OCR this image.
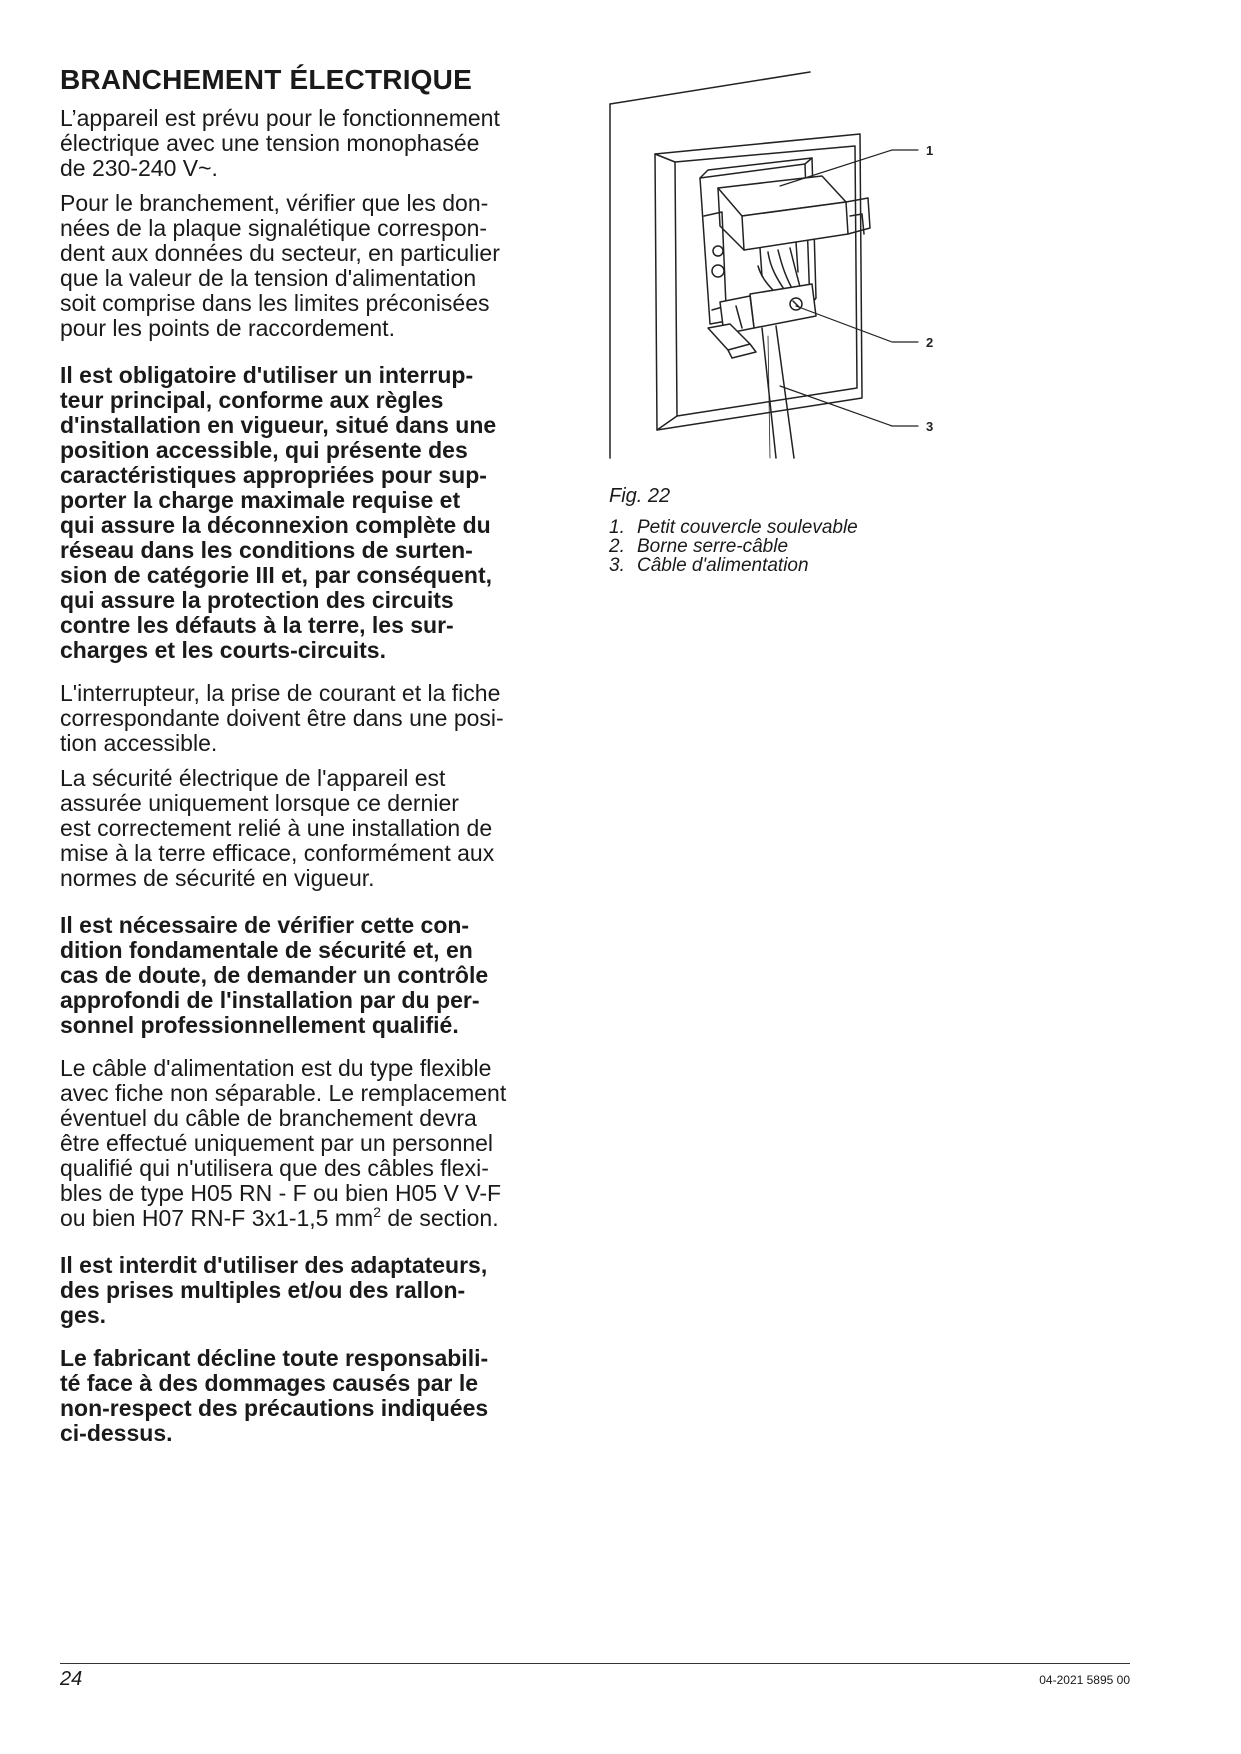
BRANCHEMENT ÉLECTRIQUE

L’appareil est prévu pour le fonctionnement
électrique avec une tension monophasée
de 230-240 V~.

Pour le branchement, vérifier que les don-
nées de la plaque signalétique correspon-
dent aux données du secteur, en particulier
que la valeur de la tension d'alimentation
soit comprise dans les limites préconisées
pour les points de raccordement.

Il est obligatoire d'utiliser un interrup-
teur principal, conforme aux règles
d'installation en vigueur, situé dans une
position accessible, qui présente des
caractéristiques appropriées pour sup-
porter la charge maximale requise et
qui assure la déconnexion complète du
réseau dans les conditions de surten-
sion de catégorie III et, par conséquent,
qui assure la protection des circuits
contre les défauts à la terre, les sur-
charges et les courts-circuits.

L'interrupteur, la prise de courant et la fiche
correspondante doivent être dans une posi-
tion accessible.

La sécurité électrique de l'appareil est
assurée uniquement lorsque ce dernier
est correctement relié à une installation de
mise à la terre efficace, conformément aux
normes de sécurité en vigueur.

Il est nécessaire de vérifier cette con-
dition fondamentale de sécurité et, en
cas de doute, de demander un contrôle
approfondi de l'installation par du per-
sonnel professionnellement qualifié.

Le câble d'alimentation est du type flexible
avec fiche non séparable. Le remplacement
éventuel du câble de branchement devra
être effectué uniquement par un personnel
qualifié qui n'utilisera que des câbles flexi-
bles de type H05 RN - F ou bien H05 V V-F
ou bien H07 RN-F 3x1-1,5 $mm^2$ de section.

Il est interdit d'utiliser des adaptateurs,
des prises multiples et/ou des rallon-
ges.

Le fabricant décline toute responsabili-
té face à des dommages causés par le
non-respect des précautions indiquées
ci-dessus.

1
2
3

Fig. 22

1. Petit couvercle soulevable
2. Borne serre-câble
3. Câble d'alimentation
24	04-2021 5895 00
